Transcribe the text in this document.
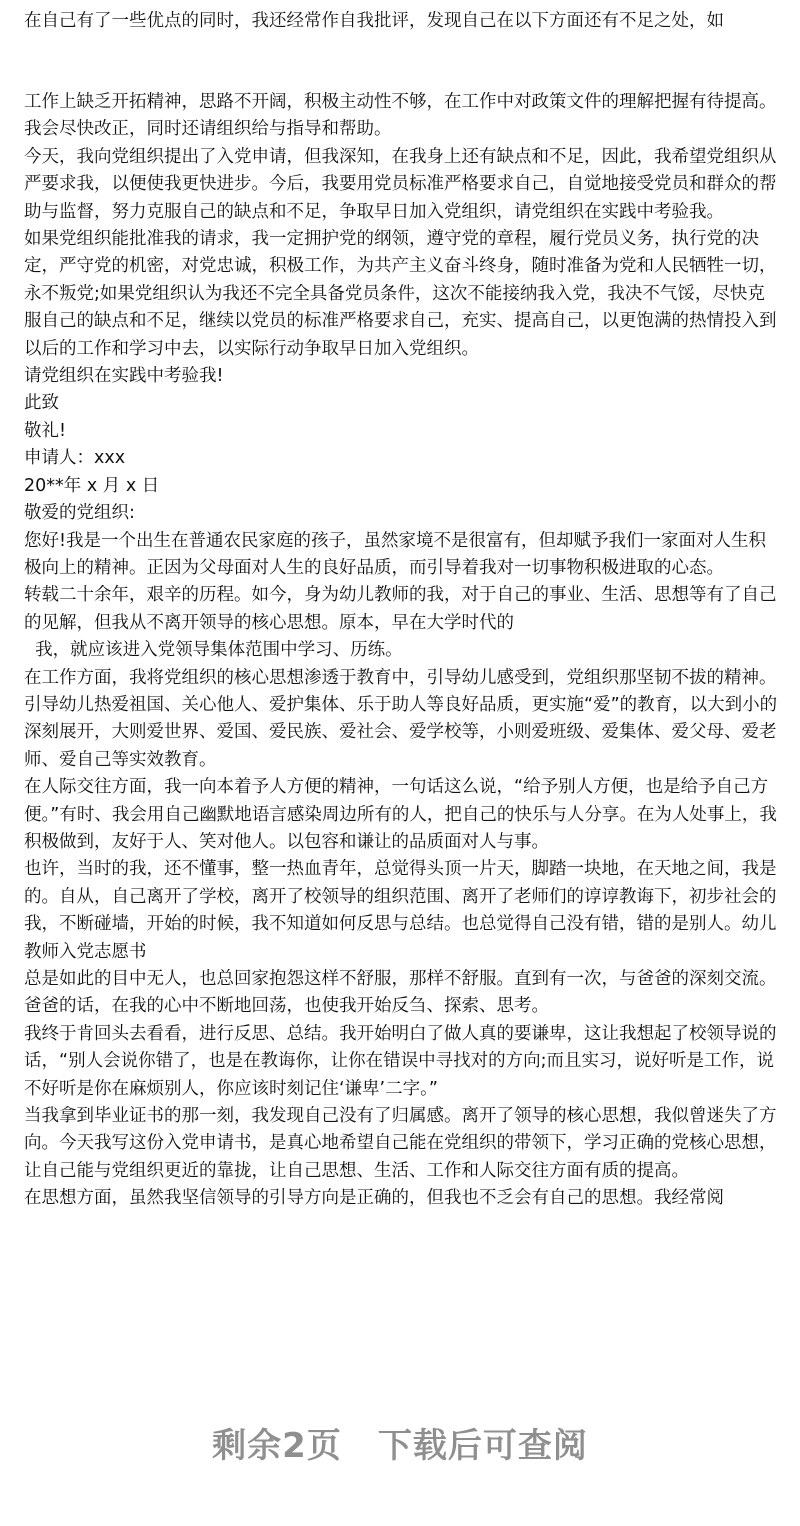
在自己有了一些优点的同时，我还经常作自我批评，发现自己在以下方面还有不足之处，如

工作上缺乏开拓精神，思路不开阔，积极主动性不够，在工作中对政策文件的理解把握有待提高。我会尽快改正，同时还请组织给与指导和帮助。

今天，我向党组织提出了入党申请，但我深知，在我身上还有缺点和不足，因此，我希望党组织从严要求我，以便使我更快进步。今后，我要用党员标准严格要求自己，自觉地接受党员和群众的帮助与监督，努力克服自己的缺点和不足，争取早日加入党组织，请党组织在实践中考验我。

如果党组织能批准我的请求，我一定拥护党的纲领，遵守党的章程，履行党员义务，执行党的决定，严守党的机密，对党忠诚，积极工作，为共产主义奋斗终身，随时准备为党和人民牺牲一切，永不叛党;如果党组织认为我还不完全具备党员条件，这次不能接纳我入党，我决不气馁，尽快克服自己的缺点和不足，继续以党员的标准严格要求自己，充实、提高自己，以更饱满的热情投入到以后的工作和学习中去，以实际行动争取早日加入党组织。

请党组织在实践中考验我!

此致

敬礼!

申请人：xxx

20**年 x 月 x 日

敬爱的党组织:

您好!我是一个出生在普通农民家庭的孩子，虽然家境不是很富有，但却赋予我们一家面对人生积极向上的精神。正因为父母面对人生的良好品质，而引导着我对一切事物积极进取的心态。

转载二十余年，艰辛的历程。如今，身为幼儿教师的我，对于自己的事业、生活、思想等有了自己的见解，但我从不离开领导的核心思想。原本，早在大学时代的

我，就应该进入党领导集体范围中学习、历练。

在工作方面，我将党组织的核心思想渗透于教育中，引导幼儿感受到，党组织那坚韧不拔的精神。引导幼儿热爱祖国、关心他人、爱护集体、乐于助人等良好品质，更实施“爱”的教育，以大到小的深刻展开，大则爱世界、爱国、爱民族、爱社会、爱学校等，小则爱班级、爱集体、爱父母、爱老师、爱自己等实效教育。

在人际交往方面，我一向本着予人方便的精神，一句话这么说，“给予别人方便，也是给予自己方便。”有时、我会用自己幽默地语言感染周边所有的人，把自己的快乐与人分享。在为人处事上，我积极做到，友好于人、笑对他人。以包容和谦让的品质面对人与事。

也许，当时的我，还不懂事，整一热血青年，总觉得头顶一片天，脚踏一块地，在天地之间，我是的。自从，自己离开了学校，离开了校领导的组织范围、离开了老师们的谆谆教诲下，初步社会的我，不断碰墙，开始的时候，我不知道如何反思与总结。也总觉得自己没有错，错的是别人。幼儿教师入党志愿书

总是如此的目中无人，也总回家抱怨这样不舒服，那样不舒服。直到有一次，与爸爸的深刻交流。爸爸的话，在我的心中不断地回荡，也使我开始反刍、探索、思考。

我终于肯回头去看看，进行反思、总结。我开始明白了做人真的要谦卑，这让我想起了校领导说的话，“别人会说你错了，也是在教诲你，让你在错误中寻找对的方向;而且实习，说好听是工作，说不好听是你在麻烦别人，你应该时刻记住‘谦卑’二字。”

当我拿到毕业证书的那一刻，我发现自己没有了归属感。离开了领导的核心思想，我似曾迷失了方向。今天我写这份入党申请书，是真心地希望自己能在党组织的带领下，学习正确的党核心思想，让自己能与党组织更近的靠拢，让自己思想、生活、工作和人际交往方面有质的提高。

在思想方面，虽然我坚信领导的引导方向是正确的，但我也不乏会有自己的思想。我经常阅

剩余2页 下载后可查阅
